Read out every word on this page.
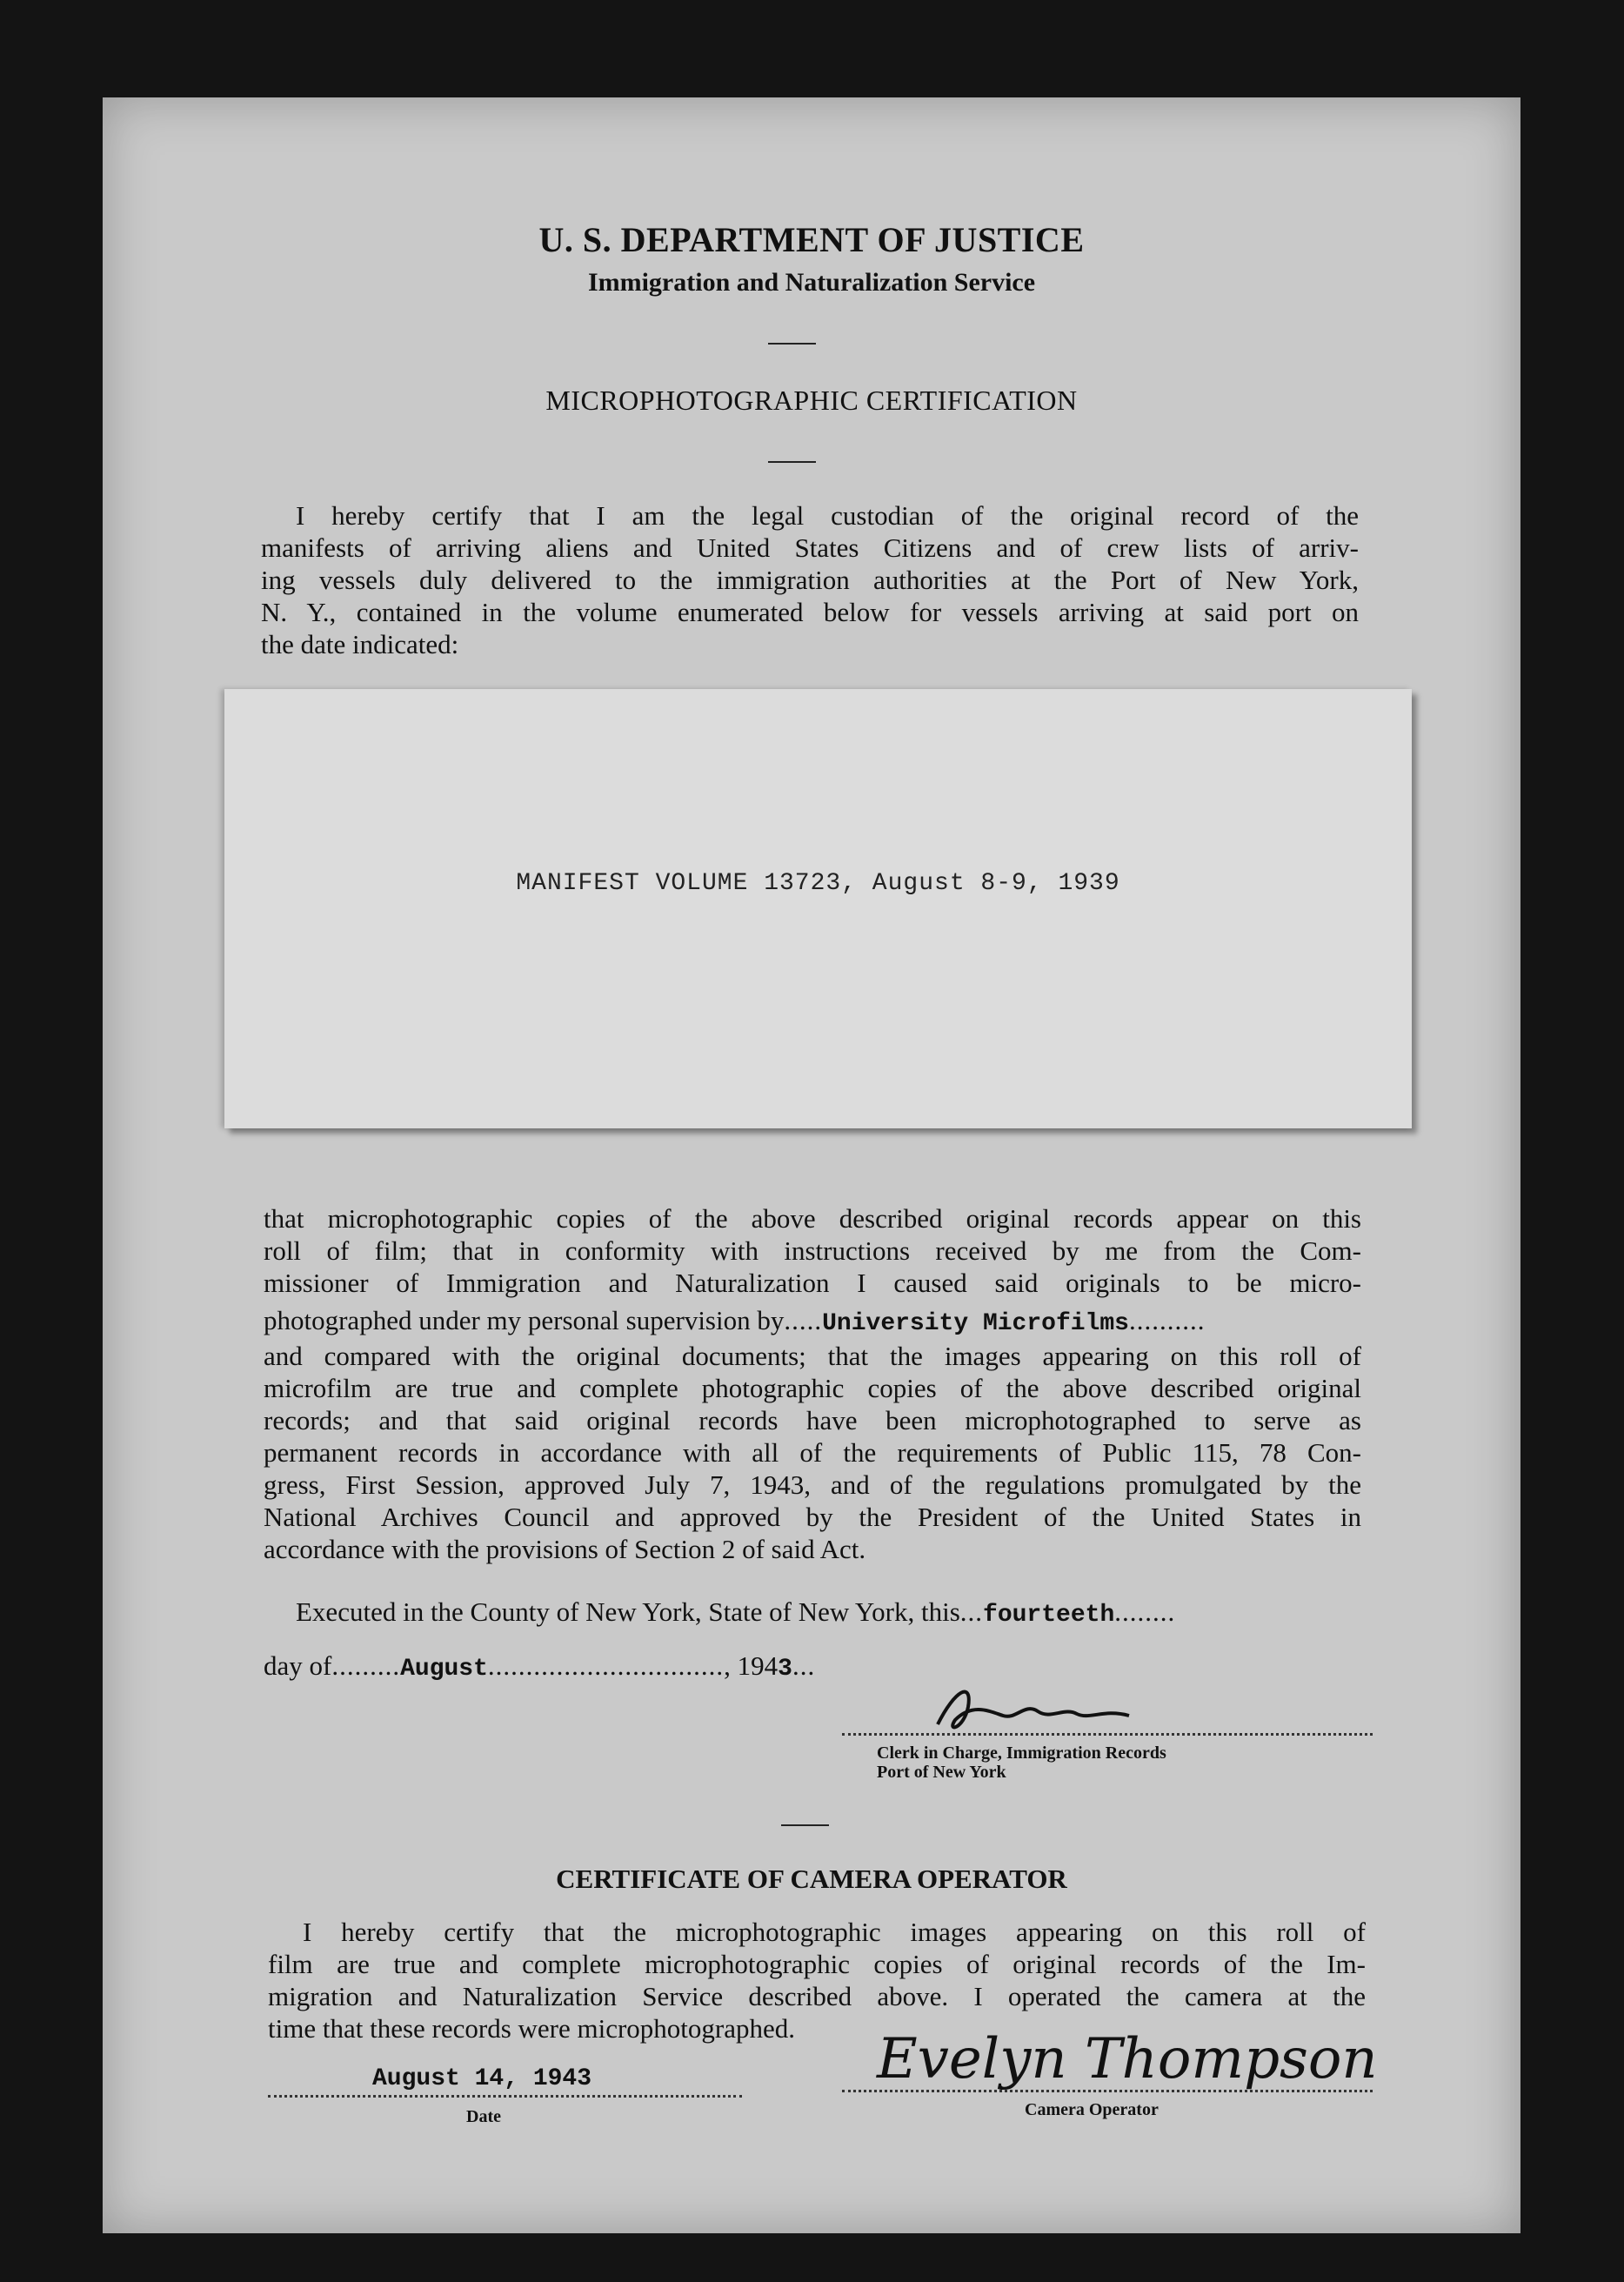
U. S. DEPARTMENT OF JUSTICE
Immigration and Naturalization Service
MICROPHOTOGRAPHIC CERTIFICATION
I hereby certify that I am the legal custodian of the original record of the
manifests of arriving aliens and United States Citizens and of crew lists of arriv-
ing vessels duly delivered to the immigration authorities at the Port of New York,
N. Y., contained in the volume enumerated below for vessels arriving at said port on
the date indicated:
MANIFEST VOLUME 13723, August 8-9, 1939
that microphotographic copies of the above described original records appear on this
roll of film; that in conformity with instructions received by me from the Com-
missioner of Immigration and Naturalization I caused said originals to be micro-
photographed under my personal supervision by.....University Microfilms..........
and compared with the original documents; that the images appearing on this roll of
microfilm are true and complete photographic copies of the above described original
records; and that said original records have been microphotographed to serve as
permanent records in accordance with all of the requirements of Public 115, 78 Con-
gress, First Session, approved July 7, 1943, and of the regulations promulgated by the
National Archives Council and approved by the President of the United States in
accordance with the provisions of Section 2 of said Act.
Executed in the County of New York, State of New York, this...fourteeth........
day of.........August..............................., 1943...
Clerk in Charge, Immigration Records
Port of New York
CERTIFICATE OF CAMERA OPERATOR
I hereby certify that the microphotographic images appearing on this roll of
film are true and complete microphotographic copies of original records of the Im-
migration and Naturalization Service described above. I operated the camera at the
time that these records were microphotographed.
August 14, 1943
Date
Evelyn Thompson
Camera Operator
